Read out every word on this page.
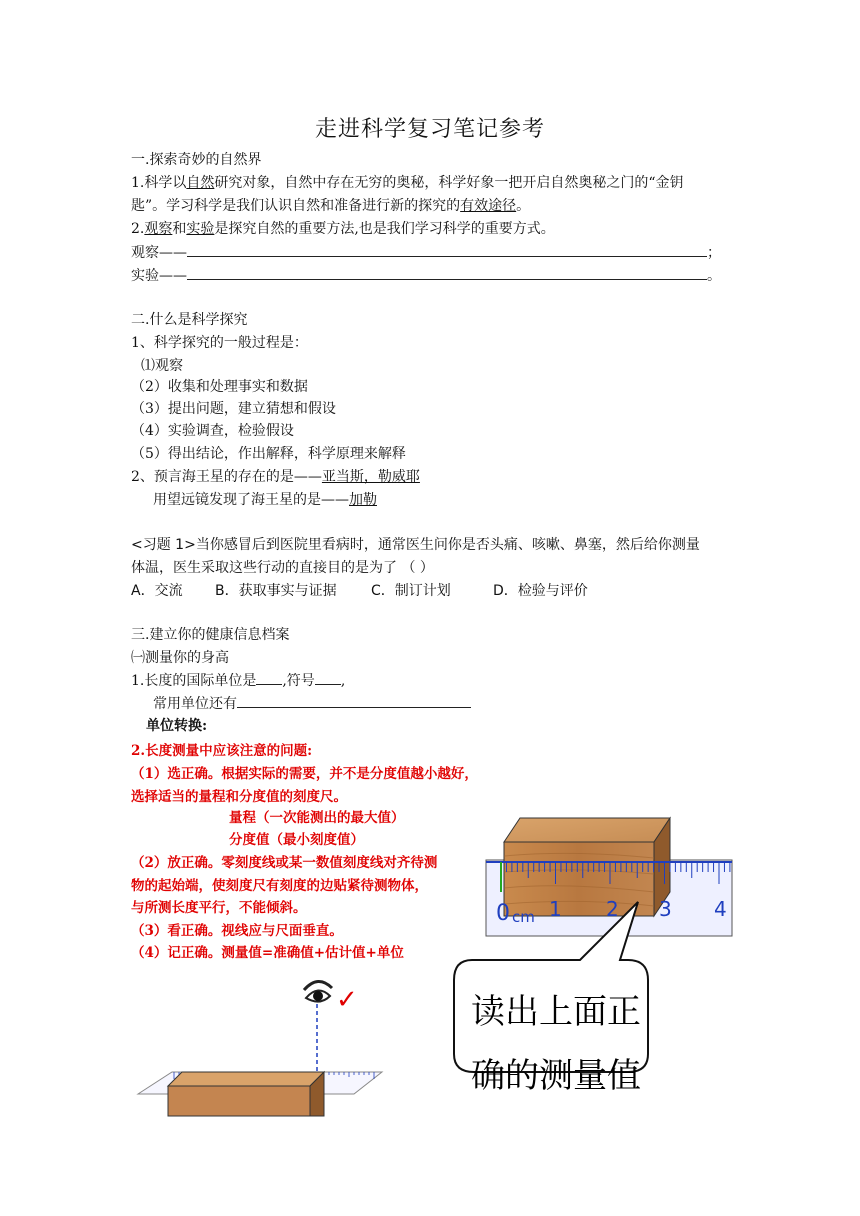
走进科学复习笔记参考
一.探索奇妙的自然界
1.科学以自然研究对象，自然中存在无穷的奥秘，科学好象一把开启自然奥秘之门的“金钥
匙”。学习科学是我们认识自然和准备进行新的探究的有效途径。
2.观察和实验是探究自然的重要方法,也是我们学习科学的重要方式。
观察——	；
实验——	。
二.什么是科学探究
1、科学探究的一般过程是：
⑴观察
（2）收集和处理事实和数据
（3）提出问题，建立猜想和假设
（4）实验调查，检验假设
（5）得出结论，作出解释，科学原理来解释
2、预言海王星的存在的是——亚当斯，勒威耶
用望远镜发现了海王星的是——加勒
<习题 1>当你感冒后到医院里看病时，通常医生问你是否头痛、咳嗽、鼻塞，然后给你测量
体温，医生采取这些行动的直接目的是为了 （ ）
A．交流 B．获取事实与证据 C．制订计划	D．检验与评价
三.建立你的健康信息档案
㈠测量你的身高
1.长度的国际单位是 ,符号 ,
常用单位还有
单位转换:
2.长度测量中应该注意的问题:
（1）选正确。根据实际的需要，并不是分度值越小越好，
选择适当的量程和分度值的刻度尺。
量程（一次能测出的最大值）
分度值（最小刻度值）
（2）放正确。零刻度线或某一数值刻度线对齐待测
物的起始端，使刻度尺有刻度的边贴紧待测物体，
与所测长度平行，不能倾斜。
（3）看正确。视线应与尺面垂直。
（4）记正确。测量值=准确值+估计值+单位
0 cm 1 2 3 4
读出上面正
确的测量值
✓
